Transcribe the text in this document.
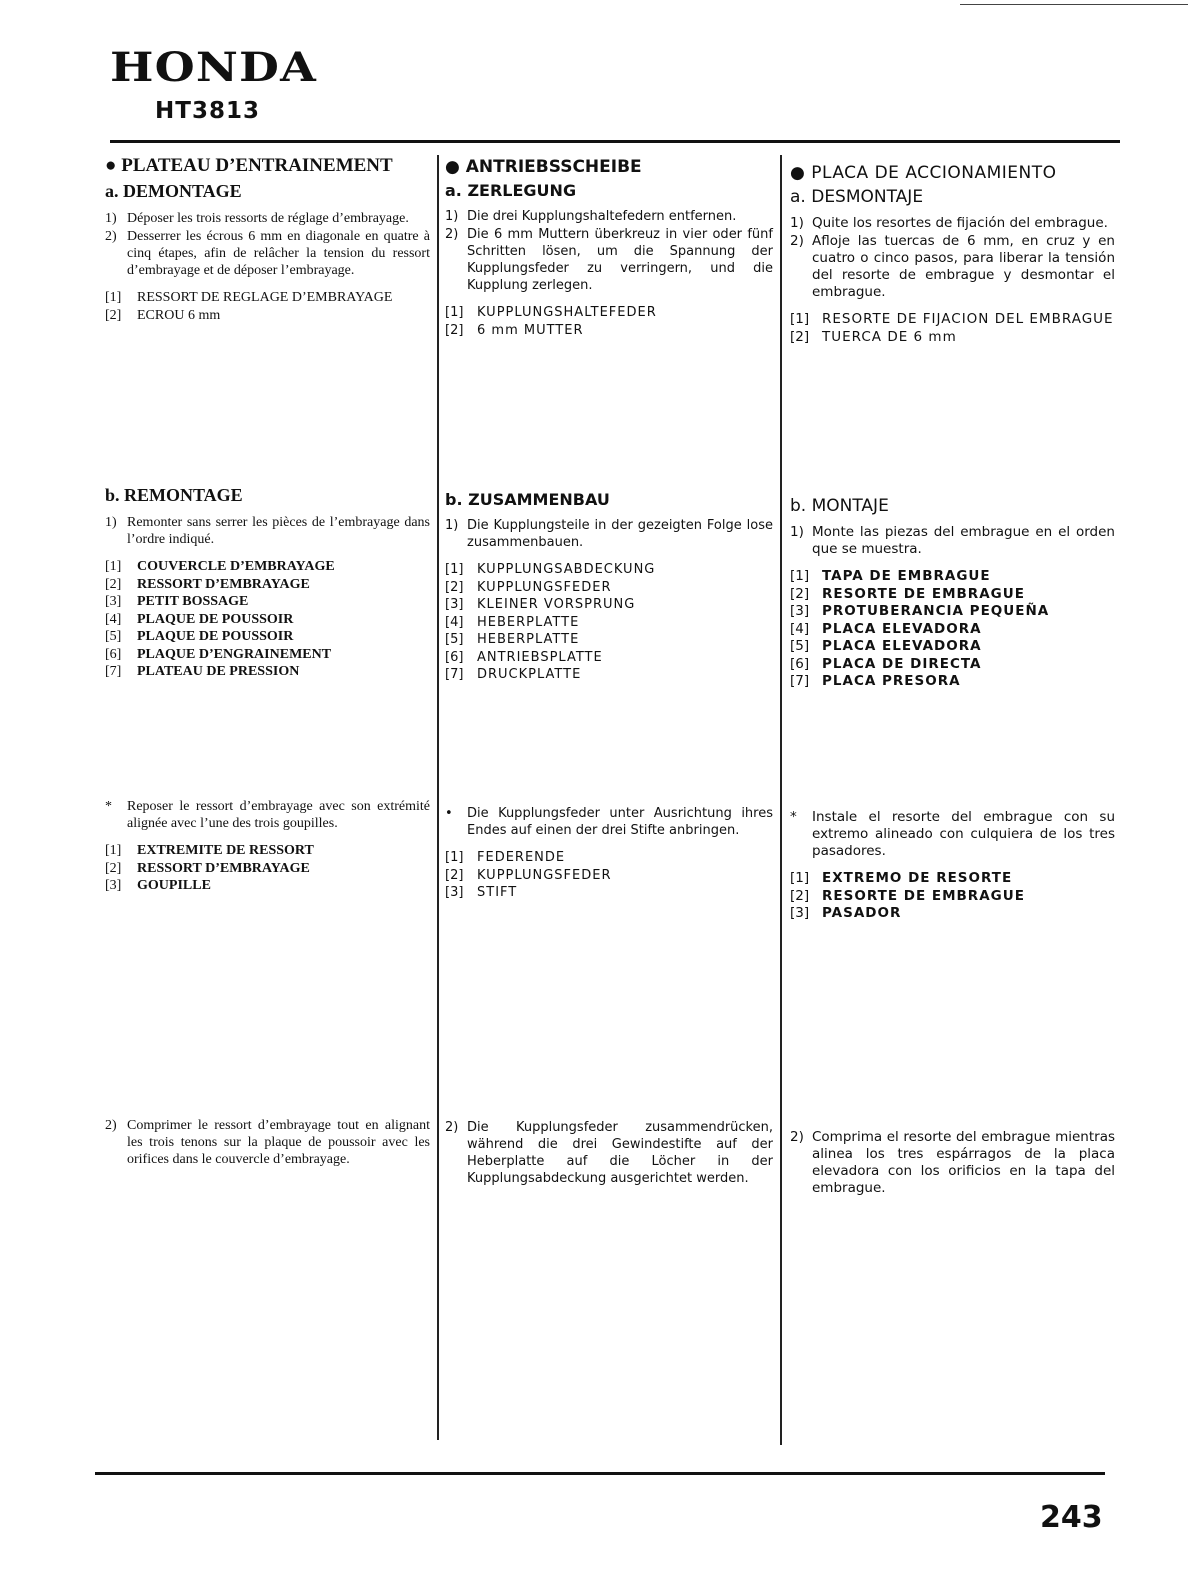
HONDA
HT3813
● PLATEAU D’ENTRAINEMENT
a. DEMONTAGE
1) Déposer les trois ressorts de réglage d’embrayage.
2) Desserrer les écrous 6 mm en diagonale en quatre à cinq étapes, afin de relâcher la tension du ressort d’embrayage et de déposer l’embrayage.
[1]	RESSORT DE REGLAGE D’EMBRAYAGE
[2]	ECROU 6 mm
b. REMONTAGE
1) Remonter sans serrer les pièces de l’embrayage dans l’ordre indiqué.
[1]	COUVERCLE D’EMBRAYAGE
[2]	RESSORT D’EMBRAYAGE
[3]	PETIT BOSSAGE
[4]	PLAQUE DE POUSSOIR
[5]	PLAQUE DE POUSSOIR
[6]	PLAQUE D’ENGRAINEMENT
[7]	PLATEAU DE PRESSION
*	Reposer le ressort d’embrayage avec son extrémité alignée avec l’une des trois goupilles.
[1]	EXTREMITE DE RESSORT
[2]	RESSORT D’EMBRAYAGE
[3]	GOUPILLE
2) Comprimer le ressort d’embrayage tout en alignant les trois tenons sur la plaque de poussoir avec les orifices dans le couvercle d’embrayage.
● ANTRIEBSSCHEIBE
a. ZERLEGUNG
1) Die drei Kupplungshaltefedern entfernen.
2) Die 6 mm Muttern überkreuz in vier oder fünf Schritten lösen, um die Spannung der Kupplungsfeder zu verringern, und die Kupplung zerlegen.
[1]	KUPPLUNGSHALTEFEDER
[2]	6 mm MUTTER
b. ZUSAMMENBAU
1) Die Kupplungsteile in der gezeigten Folge lose zusammenbauen.
[1]	KUPPLUNGSABDECKUNG
[2]	KUPPLUNGSFEDER
[3]	KLEINER VORSPRUNG
[4]	HEBERPLATTE
[5]	HEBERPLATTE
[6]	ANTRIEBSPLATTE
[7]	DRUCKPLATTE
•	Die Kupplungsfeder unter Ausrichtung ihres Endes auf einen der drei Stifte anbringen.
[1]	FEDERENDE
[2]	KUPPLUNGSFEDER
[3]	STIFT
2) Die Kupplungsfeder zusammendrücken, während die drei Gewindestifte auf der Heberplatte auf die Löcher in der Kupplungsabdeckung ausgerichtet werden.
● PLACA DE ACCIONAMIENTO
a. DESMONTAJE
1) Quite los resortes de fijación del embrague.
2) Afloje las tuercas de 6 mm, en cruz y en cuatro o cinco pasos, para liberar la tensión del resorte de embrague y desmontar el embrague.
[1] RESORTE DE FIJACION DEL EMBRAGUE
[2] TUERCA DE 6 mm
b. MONTAJE
1) Monte las piezas del embrague en el orden que se muestra.
[1] TAPA DE EMBRAGUE
[2] RESORTE DE EMBRAGUE
[3] PROTUBERANCIA PEQUEÑA
[4] PLACA ELEVADORA
[5] PLACA ELEVADORA
[6] PLACA DE DIRECTA
[7] PLACA PRESORA
*	Instale el resorte del embrague con su extremo alineado con culquiera de los tres pasadores.
[1] EXTREMO DE RESORTE
[2] RESORTE DE EMBRAGUE
[3] PASADOR
2) Comprima el resorte del embrague mientras alinea los tres espárragos de la placa elevadora con los orificios en la tapa del embrague.
243
